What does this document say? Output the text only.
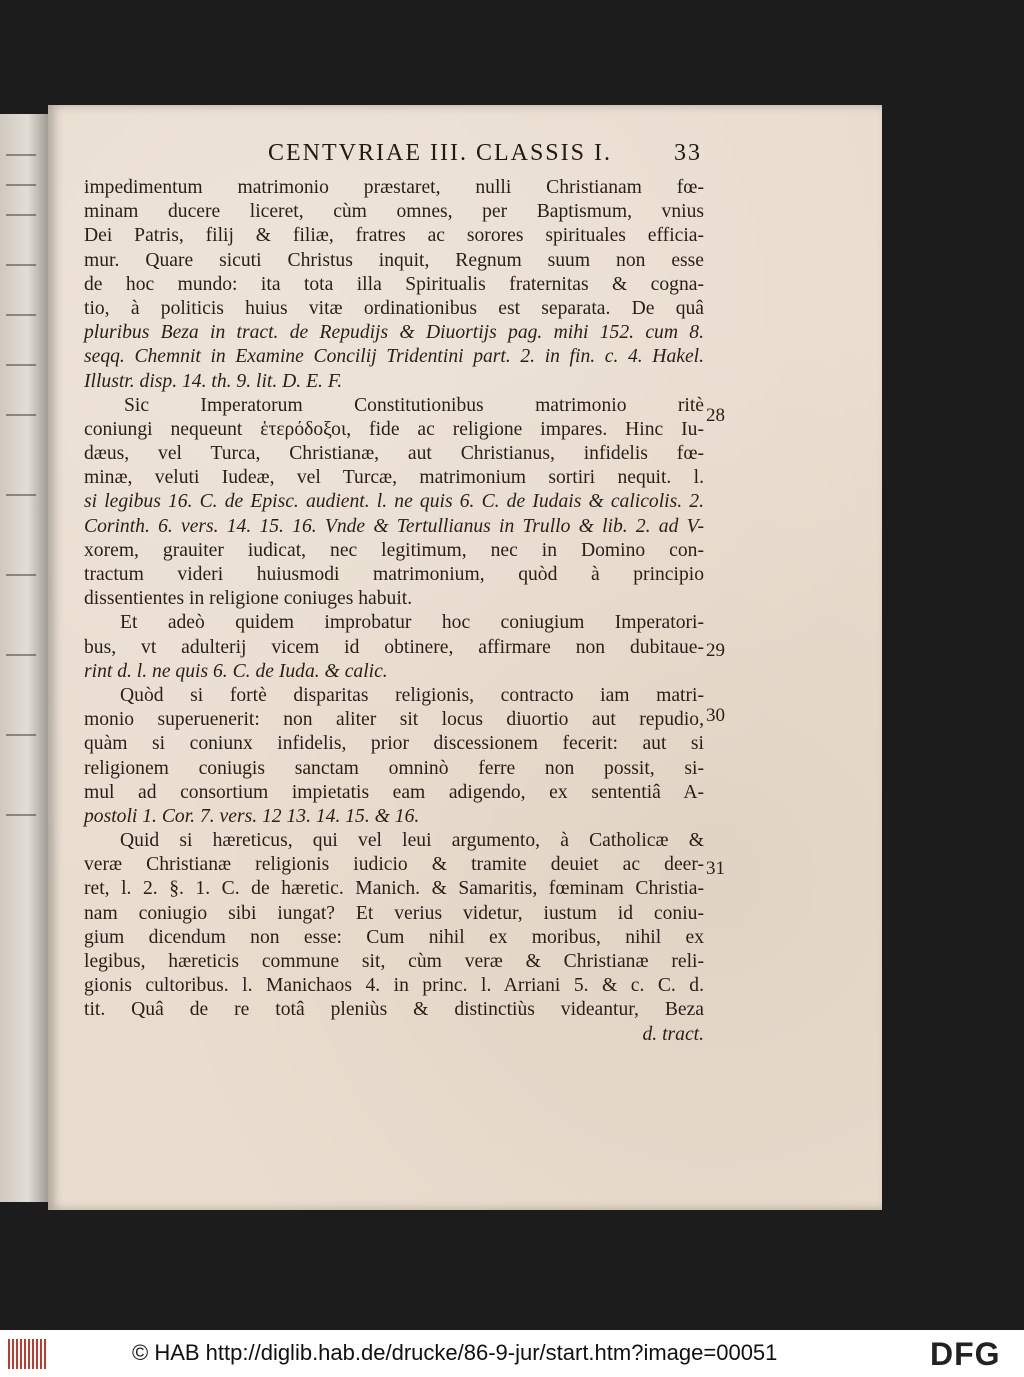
CENTVRIAE III. CLASSIS I.	33
impedimentum matrimonio præstaret, nulli Christianam fœ-
minam ducere liceret, cùm omnes, per Baptismum, vnius
Dei Patris, filij & filiæ, fratres ac sorores spirituales efficia-
mur. Quare sicuti Christus inquit, Regnum suum non esse
de hoc mundo: ita tota illa Spiritualis fraternitas & cogna-
tio, à politicis huius vitæ ordinationibus est separata. De quâ
pluribus Beza in tract. de Repudijs & Diuortijs pag. mihi 152. cum 8.
seqq. Chemnit in Examine Concilij Tridentini part. 2. in fin. c. 4. Hakel.
Illustr. disp. 14. th. 9. lit. D. E. F.
Sic Imperatorum Constitutionibus matrimonio ritè
coniungi nequeunt ἑτερόδοξοι, fide ac religione impares. Hinc Iu-
dæus, vel Turca, Christianæ, aut Christianus, infidelis fœ-
minæ, veluti Iudeæ, vel Turcæ, matrimonium sortiri nequit. l.
si legibus 16. C. de Episc. audient. l. ne quis 6. C. de Iudais & calicolis. 2.
Corinth. 6. vers. 14. 15. 16. Vnde & Tertullianus in Trullo & lib. 2. ad V-
xorem, grauiter iudicat, nec legitimum, nec in Domino con-
tractum videri huiusmodi matrimonium, quòd à principio
dissentientes in religione coniuges habuit.
Et adeò quidem improbatur hoc coniugium Imperatori-
bus, vt adulterij vicem id obtinere, affirmare non dubitaue-
rint d. l. ne quis 6. C. de Iuda. & calic.
Quòd si fortè disparitas religionis, contracto iam matri-
monio superuenerit: non aliter sit locus diuortio aut repudio,
quàm si coniunx infidelis, prior discessionem fecerit: aut si
religionem coniugis sanctam omninò ferre non possit, si-
mul ad consortium impietatis eam adigendo, ex sententiâ A-
postoli 1. Cor. 7. vers. 12 13. 14. 15. & 16.
Quid si hæreticus, qui vel leui argumento, à Catholicæ &
veræ Christianæ religionis iudicio & tramite deuiet ac deer-
ret, l. 2. §. 1. C. de hæretic. Manich. & Samaritis, fœminam Christia-
nam coniugio sibi iungat? Et verius videtur, iustum id coniu-
gium dicendum non esse: Cum nihil ex moribus, nihil ex
legibus, hæreticis commune sit, cùm veræ & Christianæ reli-
gionis cultoribus. l. Manichaos 4. in princ. l. Arriani 5. & c. C. d.
tit. Quâ de re totâ pleniùs & distinctiùs videantur, Beza
d. tract.
28
29
30
31
© HAB http://diglib.hab.de/drucke/86-9-jur/start.htm?image=00051	DFG
